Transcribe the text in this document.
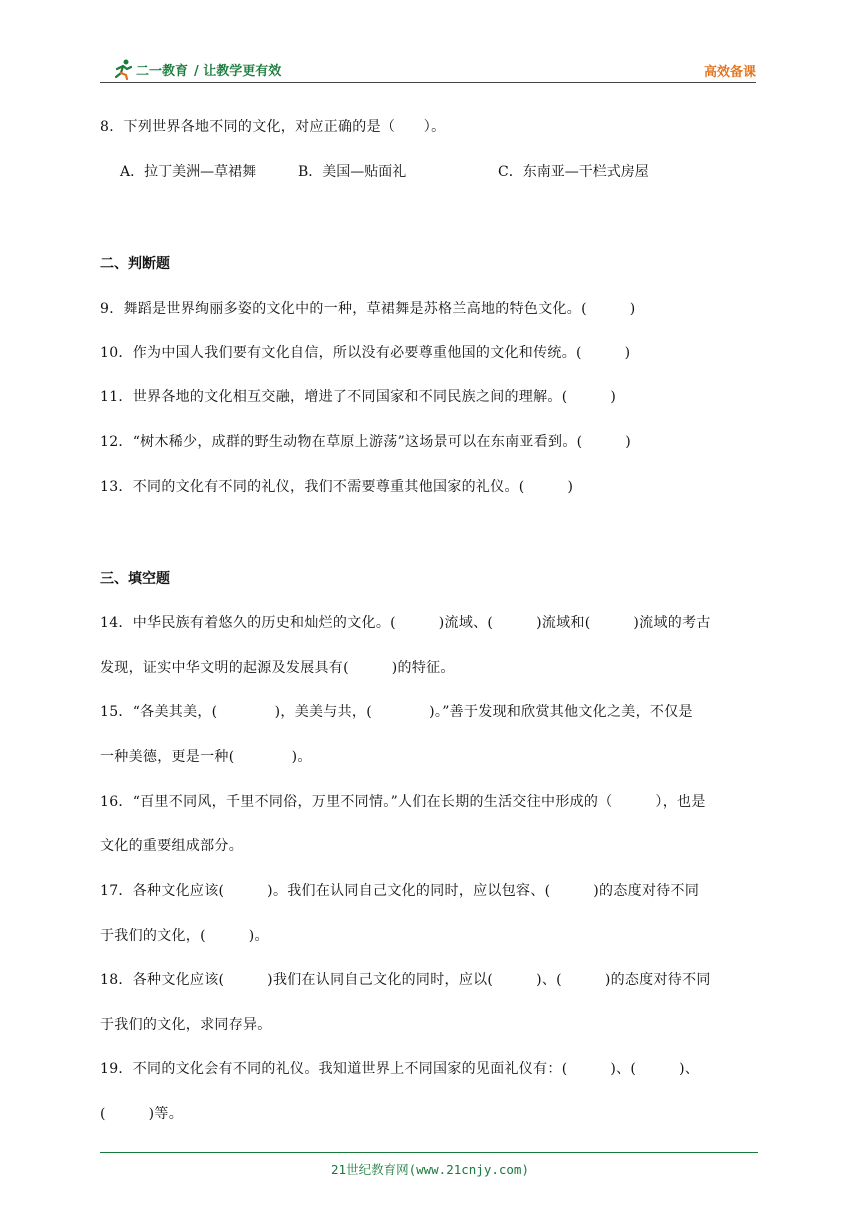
二一教育 / 让教学更有效	高效备课
8．下列世界各地不同的文化，对应正确的是（　　）。
A．拉丁美洲—草裙舞	B．美国—贴面礼	C．东南亚—干栏式房屋
二、判断题
9．舞蹈是世界绚丽多姿的文化中的一种，草裙舞是苏格兰高地的特色文化。(　　　)
10．作为中国人我们要有文化自信，所以没有必要尊重他国的文化和传统。(　　　)
11．世界各地的文化相互交融，增进了不同国家和不同民族之间的理解。(　　　)
12．“树木稀少，成群的野生动物在草原上游荡”这场景可以在东南亚看到。(　　　)
13．不同的文化有不同的礼仪，我们不需要尊重其他国家的礼仪。(　　　)
三、填空题
14．中华民族有着悠久的历史和灿烂的文化。(　　　)流域、(　　　)流域和(　　　)流域的考古
发现，证实中华文明的起源及发展具有(　　　)的特征。
15．“各美其美，(　　　　)，美美与共，(　　　　)。”善于发现和欣赏其他文化之美，不仅是
一种美德，更是一种(　　　　)。
16．“百里不同风，千里不同俗，万里不同情。”人们在长期的生活交往中形成的（　　　），也是
文化的重要组成部分。
17．各种文化应该(　　　)。我们在认同自己文化的同时，应以包容、(　　　)的态度对待不同
于我们的文化，(　　　)。
18．各种文化应该(　　　)我们在认同自己文化的同时，应以(　　　)、(　　　)的态度对待不同
于我们的文化，求同存异。
19．不同的文化会有不同的礼仪。我知道世界上不同国家的见面礼仪有：(　　　)、(　　　)、
(　　　)等。
21世纪教育网(www.21cnjy.com)
